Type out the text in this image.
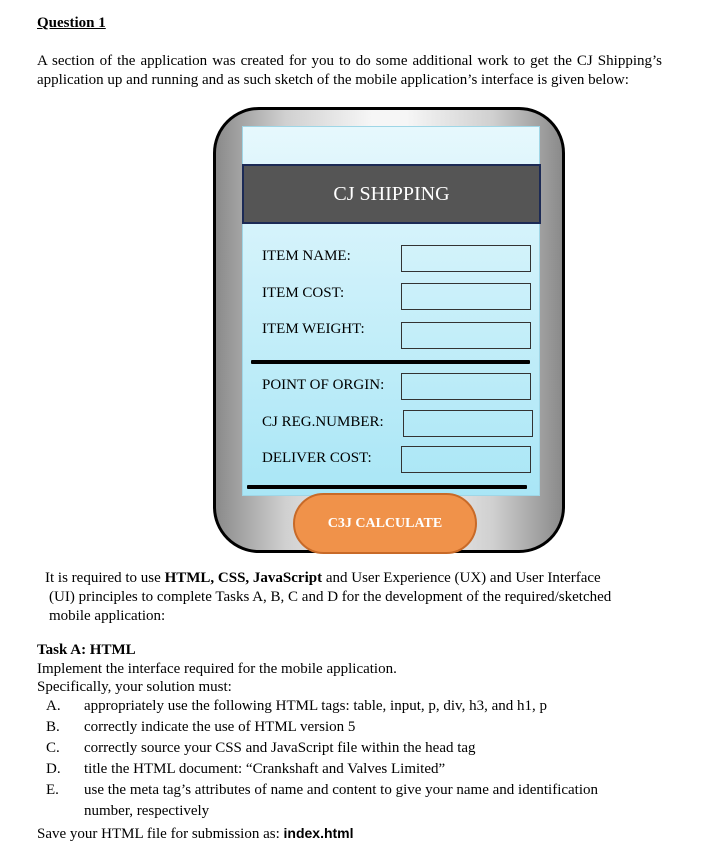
Question 1
A section of the application was created for you to do some additional work to get the CJ Shipping’s application up and running and as such sketch of the mobile application’s interface is given below:
CJ SHIPPING
ITEM NAME:
ITEM COST:
ITEM WEIGHT:
POINT OF ORGIN:
CJ REG.NUMBER:
DELIVER COST:
C3J CALCULATE
It is required to use HTML, CSS, JavaScript and User Experience (UX) and User Interface
(UI) principles to complete Tasks A, B, C and D for the development of the required/sketched
mobile application:
Task A: HTML
Implement the interface required for the mobile application.
Specifically, your solution must:
A. appropriately use the following HTML tags: table, input, p, div, h3, and h1, p
B. correctly indicate the use of HTML version 5
C. correctly source your CSS and JavaScript file within the head tag
D. title the HTML document: “Crankshaft and Valves Limited”
E. use the meta tag’s attributes of name and content to give your name and identification number, respectively
Save your HTML file for submission as: index.html
